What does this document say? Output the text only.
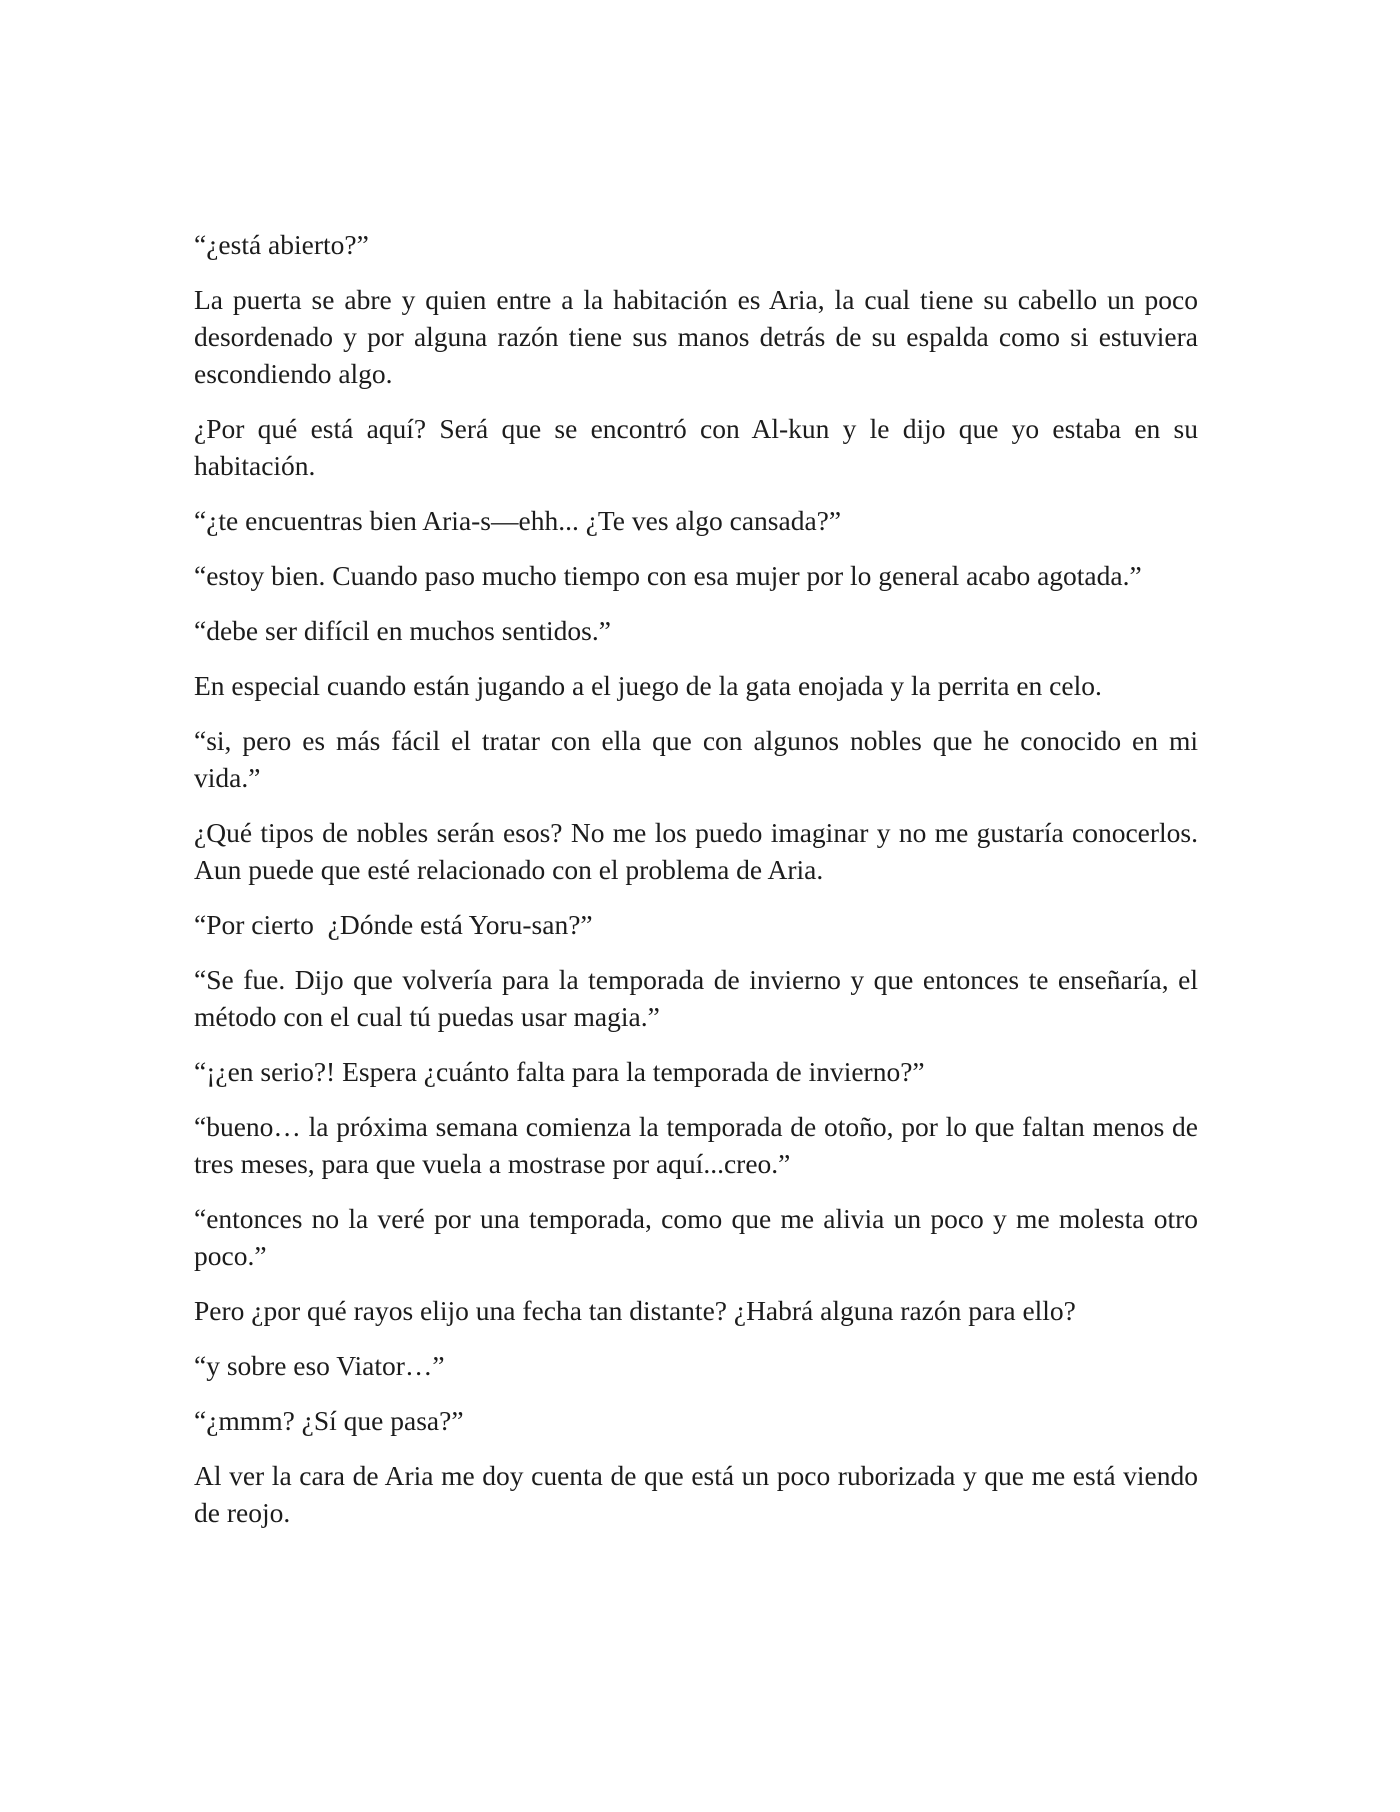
“¿está abierto?”

La puerta se abre y quien entre a la habitación es Aria, la cual tiene su cabello un poco desordenado y por alguna razón tiene sus manos detrás de su espalda como si estuviera escondiendo algo.

¿Por qué está aquí? Será que se encontró con Al-kun y le dijo que yo estaba en su habitación.

“¿te encuentras bien Aria-s—ehh... ¿Te ves algo cansada?”

“estoy bien. Cuando paso mucho tiempo con esa mujer por lo general acabo agotada.”

“debe ser difícil en muchos sentidos.”

En especial cuando están jugando a el juego de la gata enojada y la perrita en celo.

“si, pero es más fácil el tratar con ella que con algunos nobles que he conocido en mi vida.”

¿Qué tipos de nobles serán esos? No me los puedo imaginar y no me gustaría conocerlos. Aun puede que esté relacionado con el problema de Aria.

“Por cierto  ¿Dónde está Yoru-san?”

“Se fue. Dijo que volvería para la temporada de invierno y que entonces te enseñaría, el método con el cual tú puedas usar magia.”

“¡¿en serio?! Espera ¿cuánto falta para la temporada de invierno?”

“bueno… la próxima semana comienza la temporada de otoño, por lo que faltan menos de tres meses, para que vuela a mostrase por aquí...creo.”

“entonces no la veré por una temporada, como que me alivia un poco y me molesta otro poco.”

Pero ¿por qué rayos elijo una fecha tan distante? ¿Habrá alguna razón para ello?

“y sobre eso Viator…”

“¿mmm? ¿Sí que pasa?”

Al ver la cara de Aria me doy cuenta de que está un poco ruborizada y que me está viendo de reojo.
